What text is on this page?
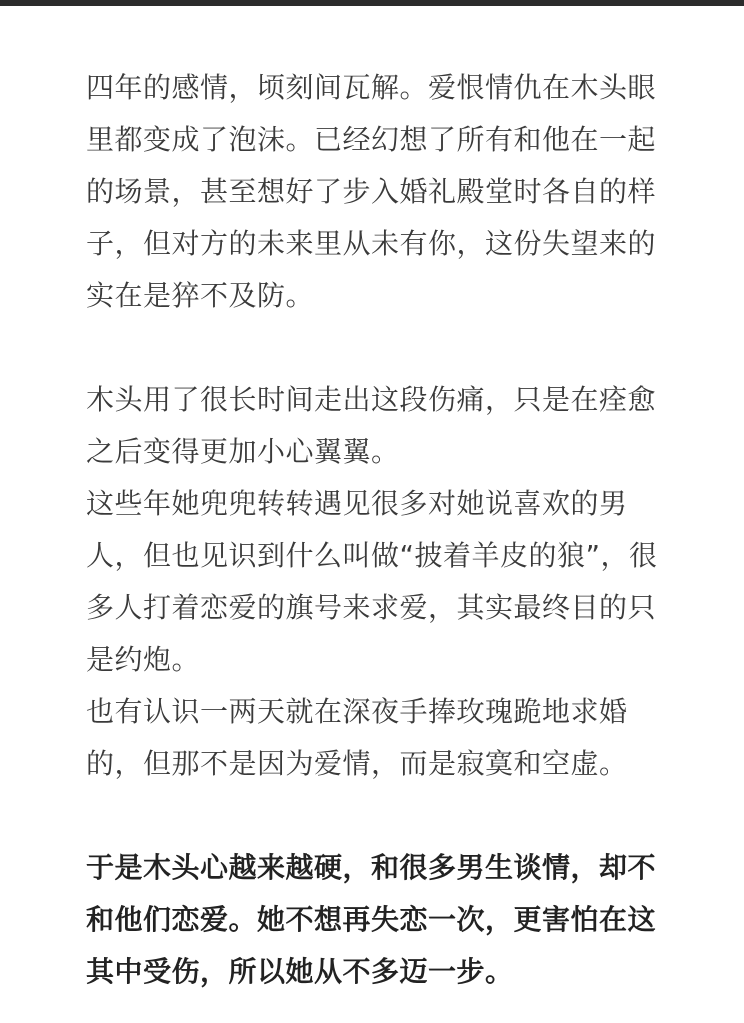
四年的感情，顷刻间瓦解。爱恨情仇在木头眼
里都变成了泡沫。已经幻想了所有和他在一起
的场景，甚至想好了步入婚礼殿堂时各自的样
子，但对方的未来里从未有你，这份失望来的
实在是猝不及防。
木头用了很长时间走出这段伤痛，只是在痊愈
之后变得更加小心翼翼。
这些年她兜兜转转遇见很多对她说喜欢的男
人，但也见识到什么叫做“披着羊皮的狼”，很
多人打着恋爱的旗号来求爱，其实最终目的只
是约炮。
也有认识一两天就在深夜手捧玫瑰跪地求婚
的，但那不是因为爱情，而是寂寞和空虚。
于是木头心越来越硬，和很多男生谈情，却不
和他们恋爱。她不想再失恋一次，更害怕在这
其中受伤，所以她从不多迈一步。
